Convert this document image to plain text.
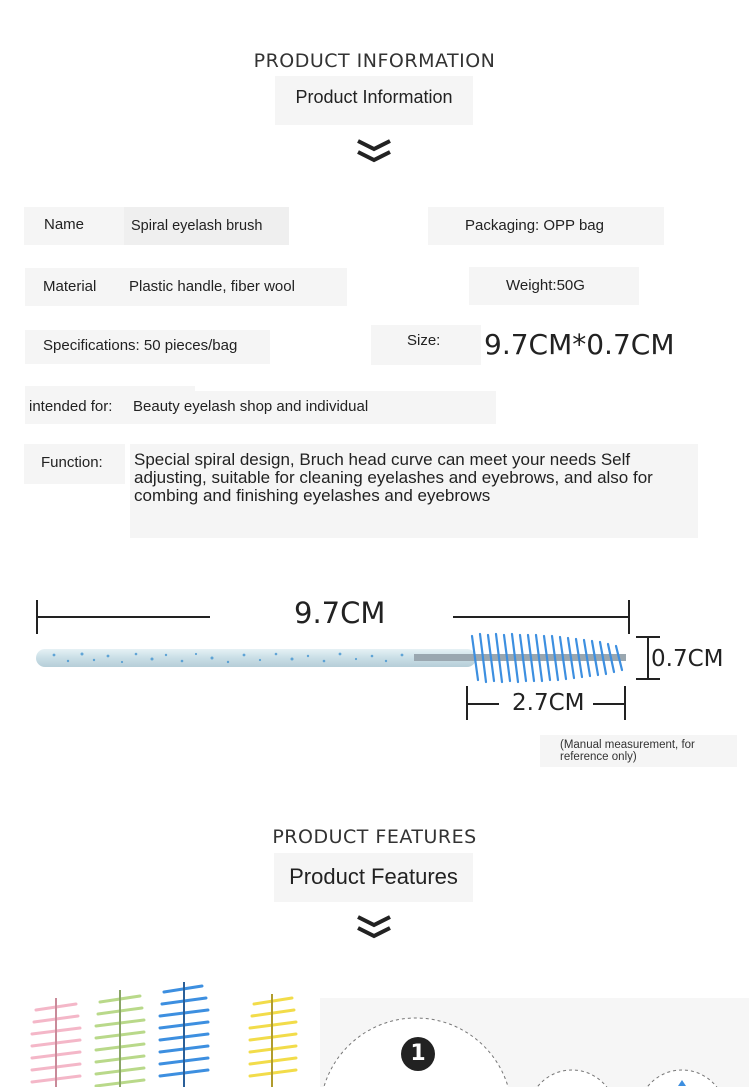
PRODUCT INFORMATION
Product Information
Name	Spiral eyelash brush	Packaging: OPP bag
Material Plastic handle, fiber wool	Weight:50G
Specifications: 50 pieces/bag	Size: 9.7CM*0.7CM
intended for: Beauty eyelash shop and individual
Function: Special spiral design, Bruch head curve can meet your needs Self adjusting, suitable for cleaning eyelashes and eyebrows, and also for combing and finishing eyelashes and eyebrows
9.7CM
0.7CM
2.7CM
(Manual measurement, for reference only)
PRODUCT FEATURES
Product Features
1
